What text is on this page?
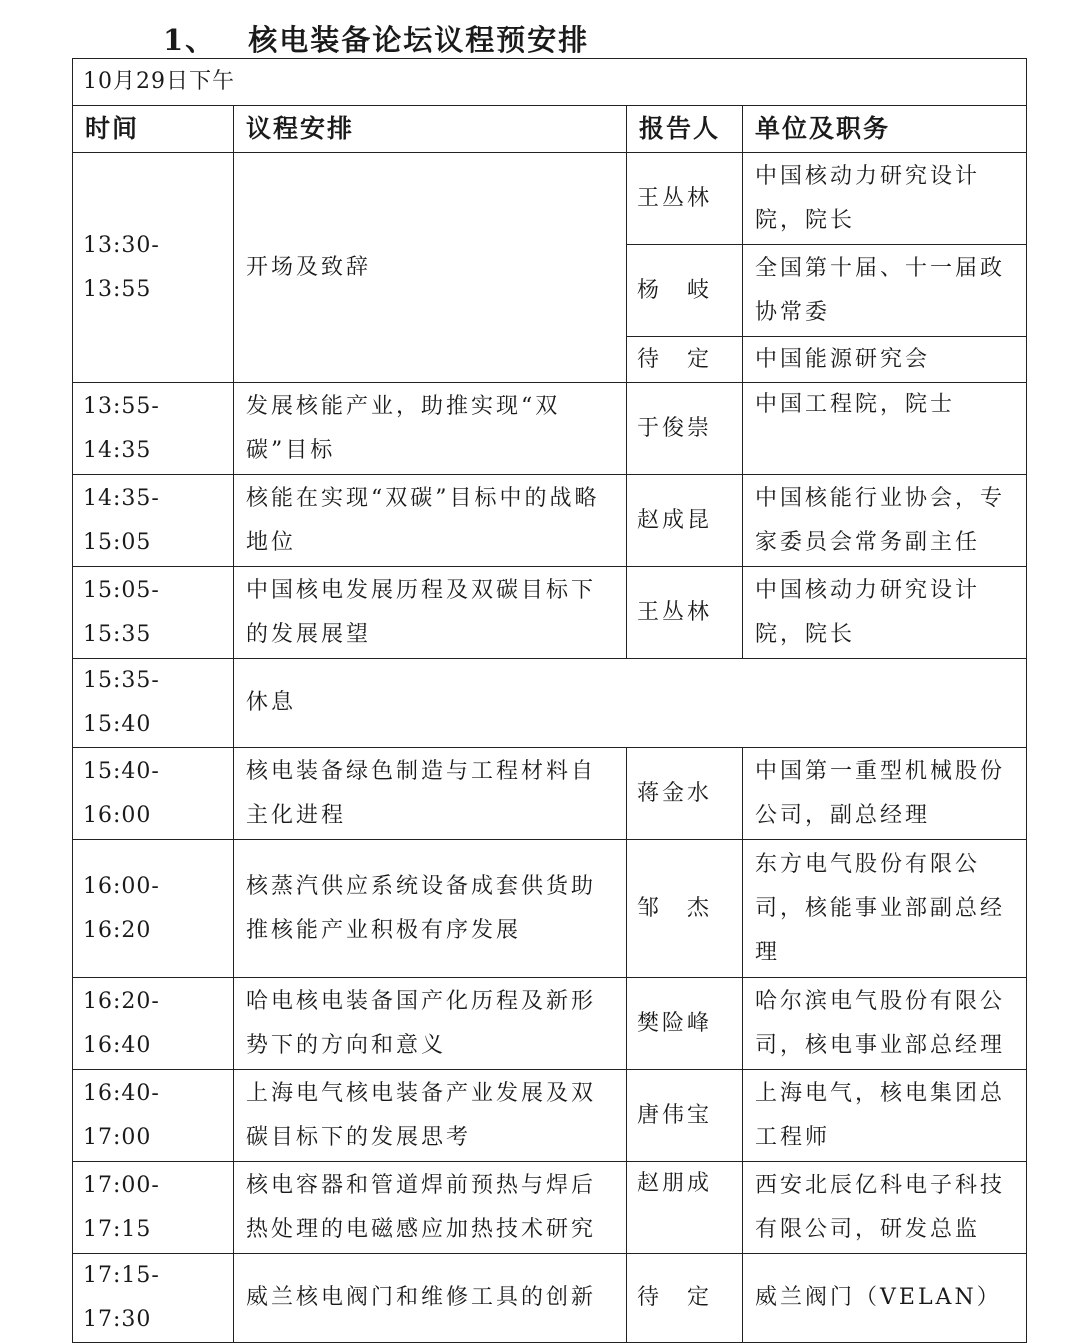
1、 核电装备论坛议程预安排
10月29日下午			
时间	议程安排	报告人	单位及职务
13:30-13:55	开场及致辞	王丛林	中国核动力研究设计院，院长
		杨　岐	全国第十届、十一届政协常委
		待　定	中国能源研究会
13:55-14:35	发展核能产业，助推实现“双碳”目标	于俊崇	中国工程院，院士
14:35-15:05	核能在实现“双碳”目标中的战略地位	赵成昆	中国核能行业协会，专家委员会常务副主任
15:05-15:35	中国核电发展历程及双碳目标下的发展展望	王丛林	中国核动力研究设计院，院长
15:35-15:40	休息		
15:40-16:00	核电装备绿色制造与工程材料自主化进程	蒋金水	中国第一重型机械股份公司，副总经理
16:00-16:20	核蒸汽供应系统设备成套供货助推核能产业积极有序发展	邹　杰	东方电气股份有限公司，核能事业部副总经理
16:20-16:40	哈电核电装备国产化历程及新形势下的方向和意义	樊险峰	哈尔滨电气股份有限公司，核电事业部总经理
16:40-17:00	上海电气核电装备产业发展及双碳目标下的发展思考	唐伟宝	上海电气，核电集团总工程师
17:00-17:15	核电容器和管道焊前预热与焊后热处理的电磁感应加热技术研究	赵朋成	西安北辰亿科电子科技有限公司，研发总监
17:15-17:30	威兰核电阀门和维修工具的创新	待　定	威兰阀门（VELAN）
